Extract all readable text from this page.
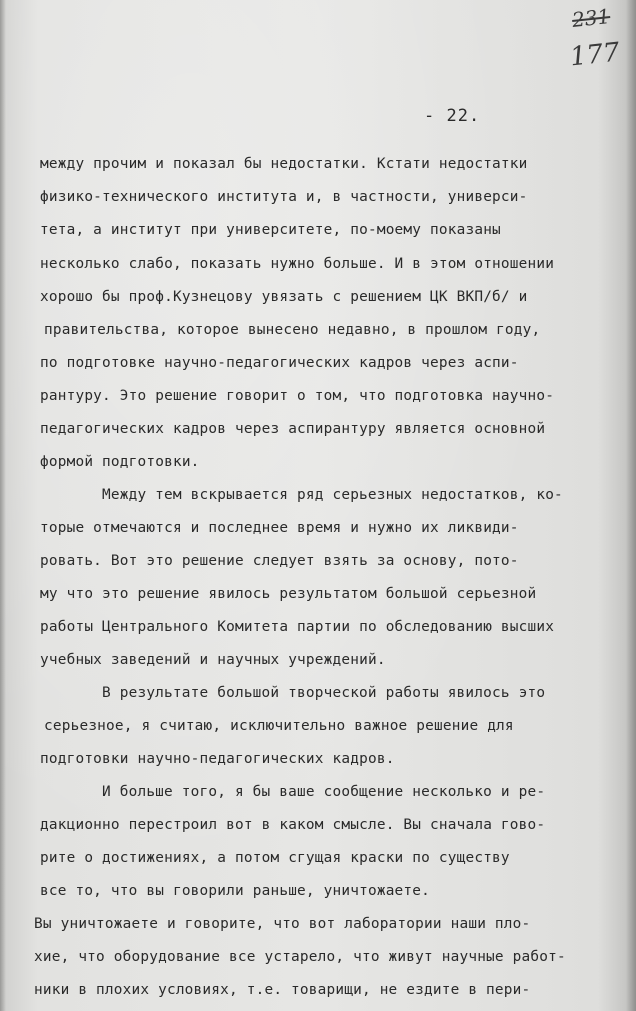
231
177
- 22.
между прочим и показал бы недостатки. Кстати недостатки
физико-технического института и, в частности, универси-
тета, а институт при университете, по-моему показаны
несколько слабо, показать нужно больше. И в этом отношении
хорошо бы проф.Кузнецову увязать с решением ЦК ВКП/б/ и
правительства, которое вынесено недавно, в прошлом году,
по подготовке научно-педагогических кадров через аспи-
рантуру. Это решение говорит о том, что подготовка научно-
педагогических кадров через аспирантуру является основной
формой подготовки.
Между тем вскрывается ряд серьезных недостатков, ко-
торые отмечаются и последнее время и нужно их ликвиди-
ровать. Вот это решение следует взять за основу, пото-
му что это решение явилось результатом большой серьезной
работы Центрального Комитета партии по обследованию высших
учебных заведений и научных учреждений.
В результате большой творческой работы явилось это
серьезное, я считаю, исключительно важное решение для
подготовки научно-педагогических кадров.
И больше того, я бы ваше сообщение несколько и ре-
дакционно перестроил вот в каком смысле. Вы сначала гово-
рите о достижениях, а потом сгущая краски по существу
все то, что вы говорили раньше, уничтожаете.
Вы уничтожаете и говорите, что вот лаборатории наши пло-
хие, что оборудование все устарело, что живут научные работ-
ники в плохих условиях, т.е. товарищи, не ездите в пери-
